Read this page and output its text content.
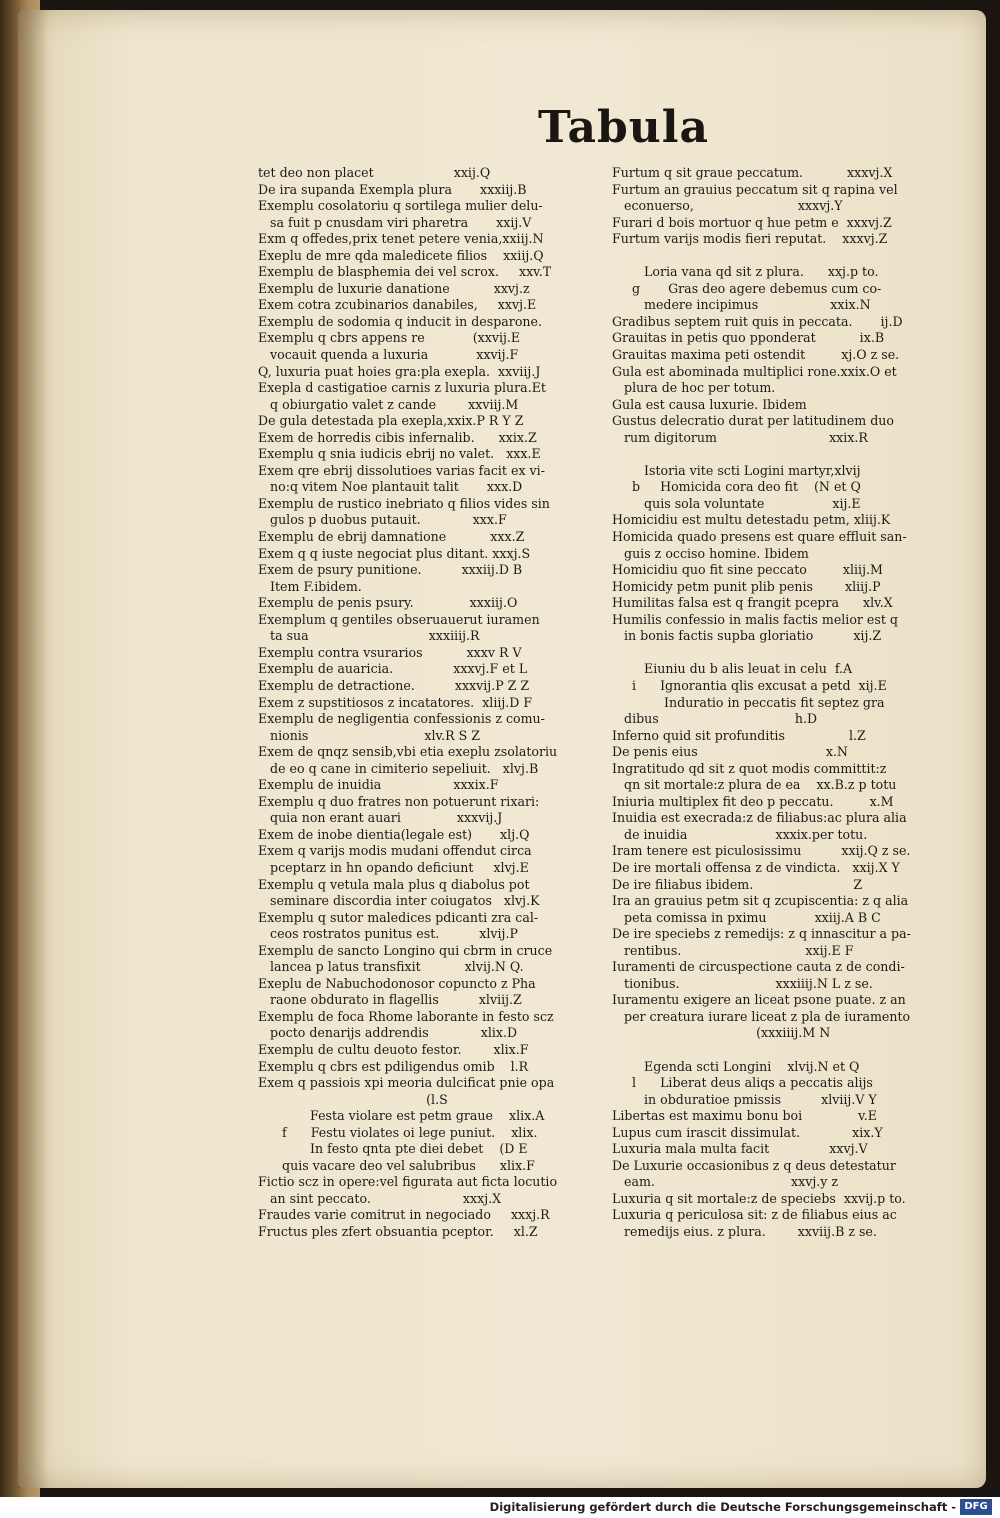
Tabula
tet deo non placet                    xxij.Q
De ira supanda Exempla plura       xxxiij.B
Exemplu cosolatoriu q sortilega mulier delu-
sa fuit p cnusdam viri pharetra       xxij.V
Exm q offedes,prix tenet petere venia,xxiij.N
Exeplu de mre qda maledicete filios    xxiij.Q
Exemplu de blasphemia dei vel scrox.     xxv.T
Exemplu de luxurie danatione           xxvj.z
Exem cotra zcubinarios danabiles,     xxvj.E
Exemplu de sodomia q inducit in desparone.
Exemplu q cbrs appens re            (xxvij.E
vocauit quenda a luxuria            xxvij.F
Q, luxuria puat hoies gra:pla exepla.  xxviij.J
Exepla d castigatioe carnis z luxuria plura.Et
q obiurgatio valet z cande        xxviij.M
De gula detestada pla exepla,xxix.P R Y Z
Exem de horredis cibis infernalib.      xxix.Z
Exemplu q snia iudicis ebrij no valet.   xxx.E
Exem qre ebrij dissolutioes varias facit ex vi-
no:q vitem Noe plantauit talit       xxx.D
Exemplu de rustico inebriato q filios vides sin
gulos p duobus putauit.             xxx.F
Exemplu de ebrij damnatione           xxx.Z
Exem q q iuste negociat plus ditant. xxxj.S
Exem de psury punitione.          xxxiij.D B
Item F.ibidem.
Exemplu de penis psury.              xxxiij.O
Exemplum q gentiles obseruauerut iuramen
ta sua                              xxxiiij.R
Exemplu contra vsurarios           xxxv R V
Exemplu de auaricia.               xxxvj.F et L
Exemplu de detractione.          xxxvij.P Z Z
Exem z supstitiosos z incatatores.  xliij.D F
Exemplu de negligentia confessionis z comu-
nionis                             xlv.R S Z
Exem de qnqz sensib,vbi etia exeplu zsolatoriu
de eo q cane in cimiterio sepeliuit.   xlvj.B
Exemplu de inuidia                  xxxix.F
Exemplu q duo fratres non potuerunt rixari:
quia non erant auari              xxxvij.J
Exem de inobe dientia(legale est)       xlj.Q
Exem q varijs modis mudani offendut circa
pceptarz in hn opando deficiunt     xlvj.E
Exemplu q vetula mala plus q diabolus pot
seminare discordia inter coiugatos   xlvj.K
Exemplu q sutor maledices pdicanti zra cal-
ceos rostratos punitus est.          xlvij.P
Exemplu de sancto Longino qui cbrm in cruce
lancea p latus transfixit           xlvij.N Q.
Exeplu de Nabuchodonosor copuncto z Pha
raone obdurato in flagellis          xlviij.Z
Exemplu de foca Rhome laborante in festo scz
pocto denarijs addrendis             xlix.D
Exemplu de cultu deuoto festor.        xlix.F
Exemplu q cbrs est pdiligendus omib    l.R
Exem q passiois xpi meoria dulcificat pnie opa
(l.S
Festa violare est petm graue    xlix.A
f      Festu violates oi lege puniut.    xlix.
In festo qnta pte diei debet    (D E
quis vacare deo vel salubribus      xlix.F
Fictio scz in opere:vel figurata aut ficta locutio
an sint peccato.                       xxxj.X
Fraudes varie comitrut in negociado     xxxj.R
Fructus ples zfert obsuantia pceptor.     xl.Z
Furtum q sit graue peccatum.           xxxvj.X
Furtum an grauius peccatum sit q rapina vel
econuerso,                          xxxvj.Y
Furari d bois mortuor q hue petm e  xxxvj.Z
Furtum varijs modis fieri reputat.    xxxvj.Z
Loria vana qd sit z plura.      xxj.p to.
g       Gras deo agere debemus cum co-
medere incipimus                  xxix.N
Gradibus septem ruit quis in peccata.       ij.D
Grauitas in petis quo pponderat           ix.B
Grauitas maxima peti ostendit         xj.O z se.
Gula est abominada multiplici rone.xxix.O et
plura de hoc per totum.
Gula est causa luxurie. Ibidem
Gustus delecratio durat per latitudinem duo
rum digitorum                            xxix.R
Istoria vite scti Logini martyr,xlvij
b     Homicida cora deo fit    (N et Q
quis sola voluntate                 xij.E
Homicidiu est multu detestadu petm, xliij.K
Homicida quado presens est quare effluit san-
guis z occiso homine. Ibidem
Homicidiu quo fit sine peccato         xliij.M
Homicidy petm punit plib penis        xliij.P
Humilitas falsa est q frangit pcepra      xlv.X
Humilis confessio in malis factis melior est q
in bonis factis supba gloriatio          xij.Z
Eiuniu du b alis leuat in celu  f.A
i      Ignorantia qlis excusat a petd  xij.E
Induratio in peccatis fit septez gra
dibus                                  h.D
Inferno quid sit profunditis                l.Z
De penis eius                                x.N
Ingratitudo qd sit z quot modis committit:z
qn sit mortale:z plura de ea    xx.B.z p totu
Iniuria multiplex fit deo p peccatu.         x.M
Inuidia est execrada:z de filiabus:ac plura alia
de inuidia                      xxxix.per totu.
Iram tenere est piculosissimu          xxij.Q z se.
De ire mortali offensa z de vindicta.   xxij.X Y
De ire filiabus ibidem.                         Z
Ira an grauius petm sit q zcupiscentia: z q alia
peta comissa in pximu            xxiij.A B C
De ire speciebs z remedijs: z q innascitur a pa-
rentibus.                               xxij.E F
Iuramenti de circuspectione cauta z de condi-
tionibus.                        xxxiiij.N L z se.
Iuramentu exigere an liceat psone puate. z an
per creatura iurare liceat z pla de iuramento
(xxxiiij.M N
Egenda scti Longini    xlvij.N et Q
l      Liberat deus aliqs a peccatis alijs
in obduratioe pmissis          xlviij.V Y
Libertas est maximu bonu boi              v.E
Lupus cum irascit dissimulat.             xix.Y
Luxuria mala multa facit               xxvj.V
De Luxurie occasionibus z q deus detestatur
eam.                                  xxvj.y z
Luxuria q sit mortale:z de speciebs  xxvij.p to.
Luxuria q periculosa sit: z de filiabus eius ac
remedijs eius. z plura.        xxviij.B z se.
Digitalisierung gefördert durch die Deutsche Forschungsgemeinschaft - DFG
